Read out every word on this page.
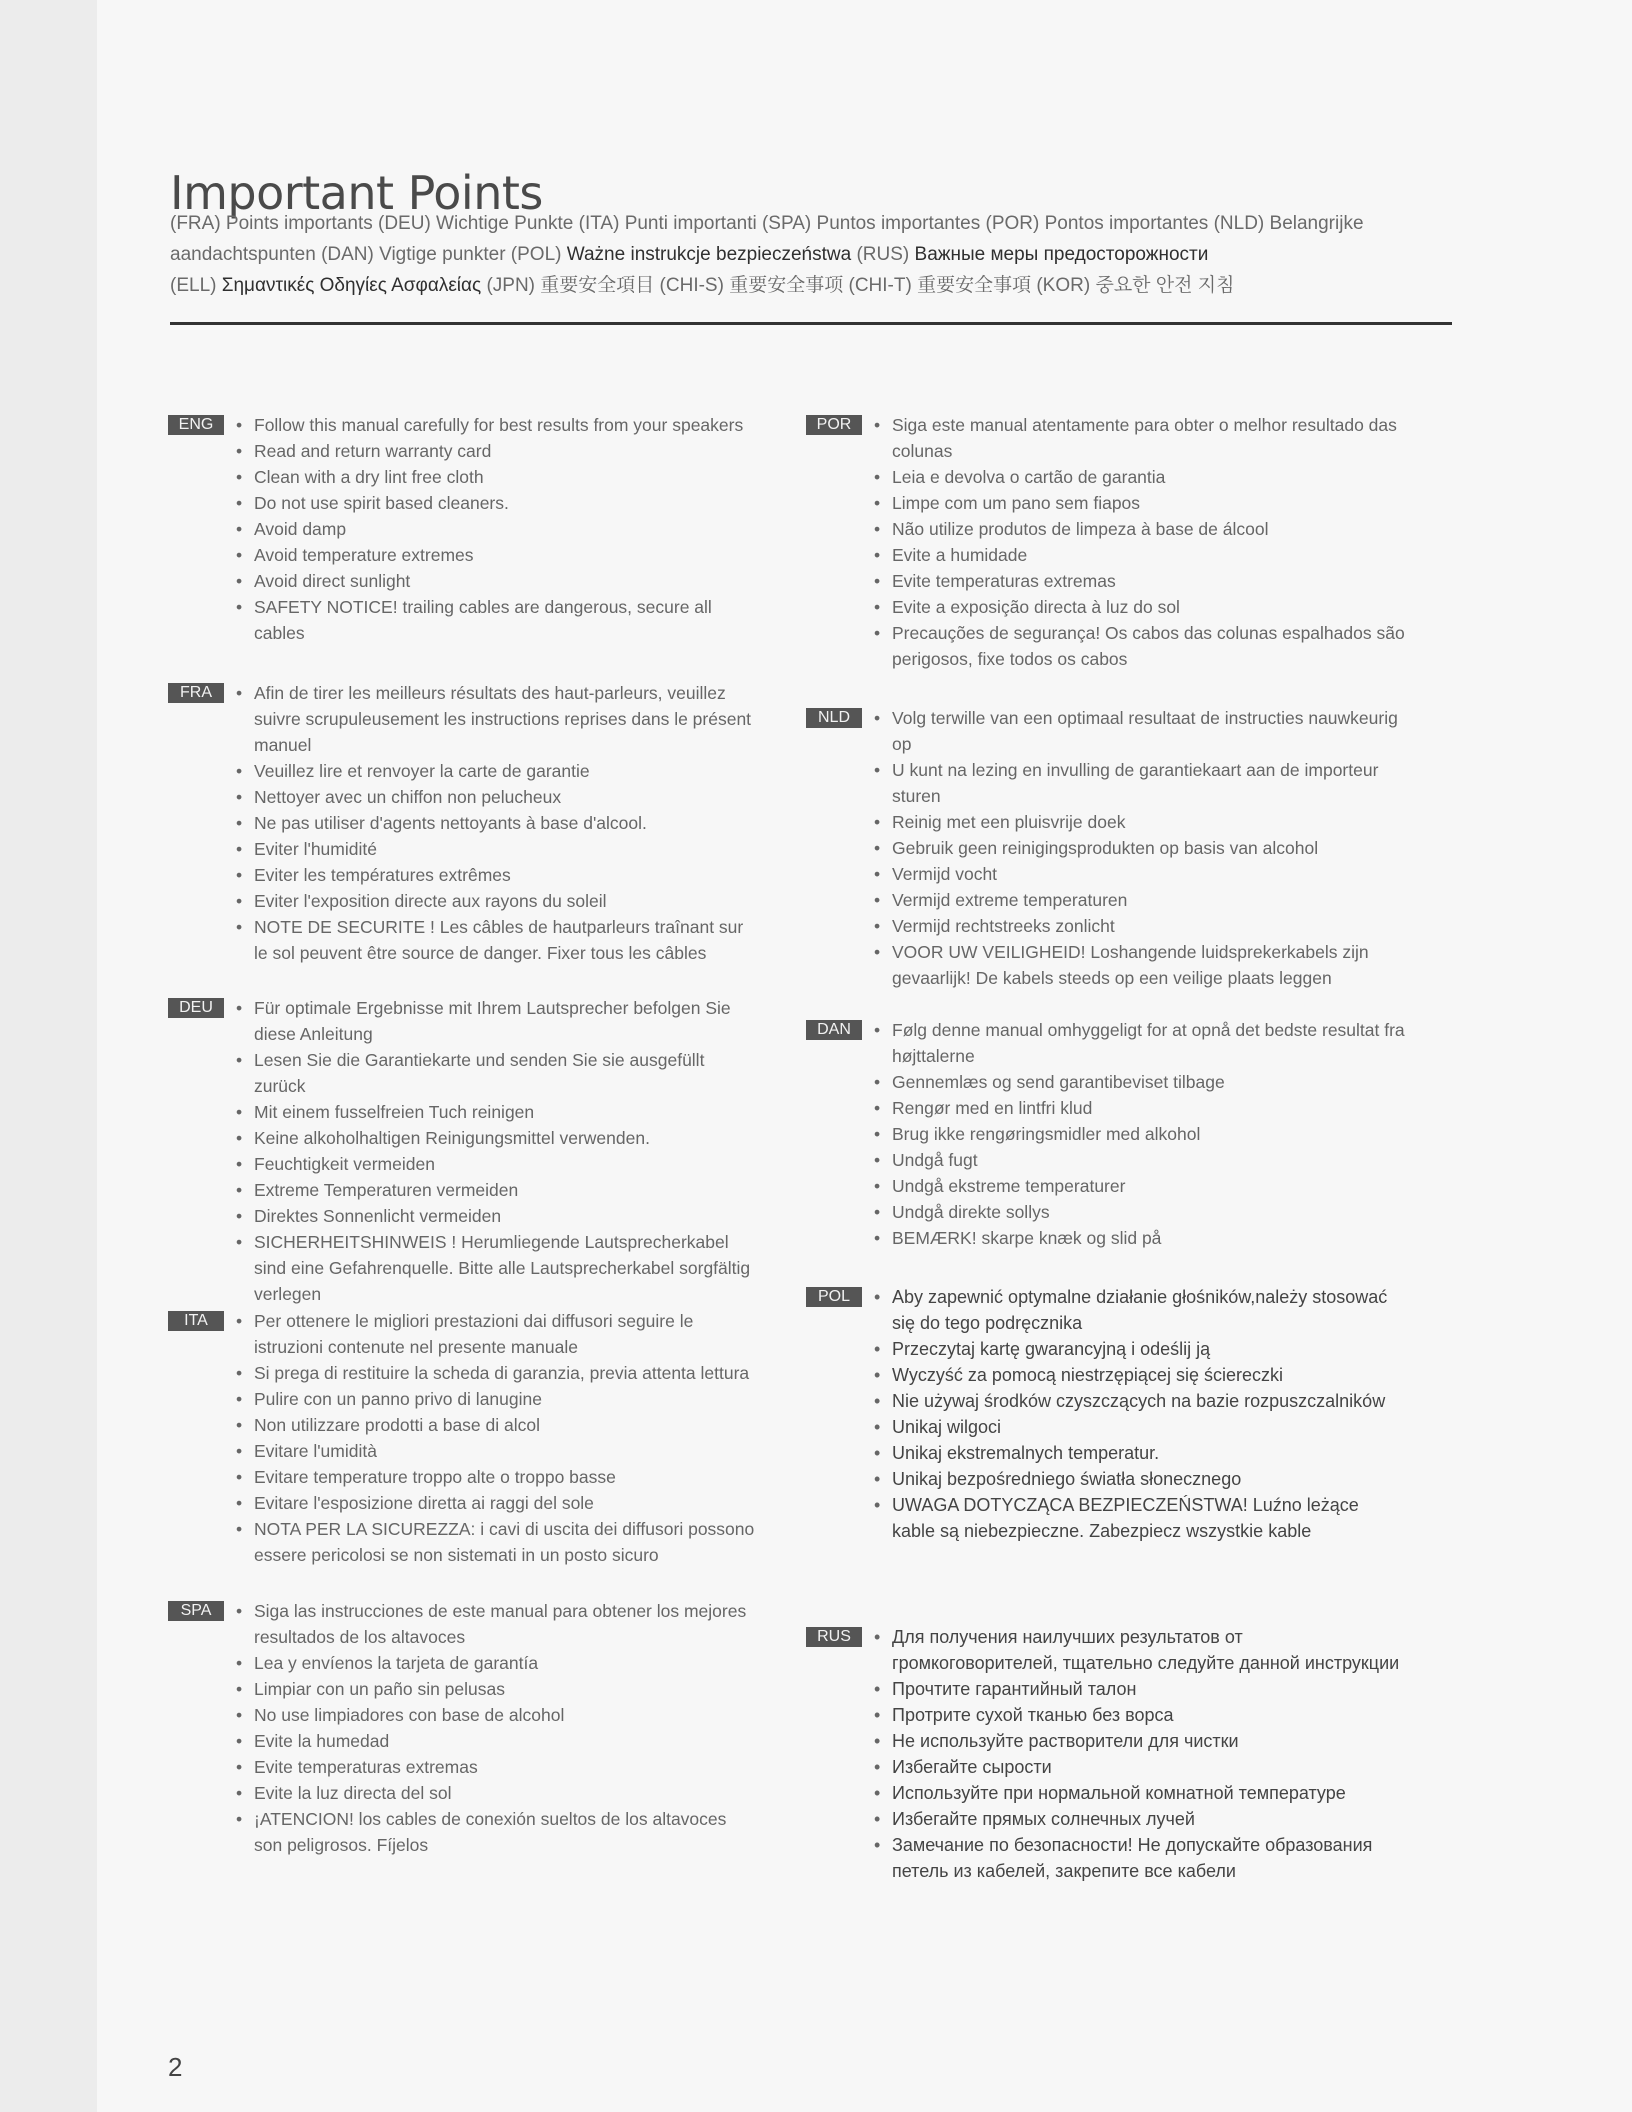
Important Points
(FRA) Points importants (DEU) Wichtige Punkte (ITA) Punti importanti (SPA) Puntos importantes (POR) Pontos importantes (NLD) Belangrijke
aandachtspunten (DAN) Vigtige punkter (POL) Ważne instrukcje bezpieczeństwa (RUS) Важные меры предосторожности
(ELL) Σημαντικές Οδηγίες Ασφαλείας (JPN) 重要安全項目 (CHI-S) 重要安全事项 (CHI-T) 重要安全事項 (KOR) 중요한 안전 지침
ENG	• Follow this manual carefully for best results from your speakers
• Read and return warranty card
• Clean with a dry lint free cloth
• Do not use spirit based cleaners.
• Avoid damp
• Avoid temperature extremes
• Avoid direct sunlight
• SAFETY NOTICE! trailing cables are dangerous, secure all cables
FRA	• Afin de tirer les meilleurs résultats des haut-parleurs, veuillez suivre scrupuleusement les instructions reprises dans le présent manuel
• Veuillez lire et renvoyer la carte de garantie
• Nettoyer avec un chiffon non pelucheux
• Ne pas utiliser d'agents nettoyants à base d'alcool.
• Eviter l'humidité
• Eviter les températures extrêmes
• Eviter l'exposition directe aux rayons du soleil
• NOTE DE SECURITE ! Les câbles de hautparleurs traînant sur le sol peuvent être source de danger. Fixer tous les câbles
DEU	• Für optimale Ergebnisse mit Ihrem Lautsprecher befolgen Sie diese Anleitung
• Lesen Sie die Garantiekarte und senden Sie sie ausgefüllt zurück
• Mit einem fusselfreien Tuch reinigen
• Keine alkoholhaltigen Reinigungsmittel verwenden.
• Feuchtigkeit vermeiden
• Extreme Temperaturen vermeiden
• Direktes Sonnenlicht vermeiden
• SICHERHEITSHINWEIS ! Herumliegende Lautsprecherkabel sind eine Gefahrenquelle. Bitte alle Lautsprecherkabel sorgfältig verlegen
ITA	• Per ottenere le migliori prestazioni dai diffusori seguire le istruzioni contenute nel presente manuale
• Si prega di restituire la scheda di garanzia, previa attenta lettura
• Pulire con un panno privo di lanugine
• Non utilizzare prodotti a base di alcol
• Evitare l'umidità
• Evitare temperature troppo alte o troppo basse
• Evitare l'esposizione diretta ai raggi del sole
• NOTA PER LA SICUREZZA: i cavi di uscita dei diffusori possono essere pericolosi se non sistemati in un posto sicuro
SPA	• Siga las instrucciones de este manual para obtener los mejores resultados de los altavoces
• Lea y envíenos la tarjeta de garantía
• Limpiar con un paño sin pelusas
• No use limpiadores con base de alcohol
• Evite la humedad
• Evite temperaturas extremas
• Evite la luz directa del sol
• ¡ATENCION! los cables de conexión sueltos de los altavoces son peligrosos. Fíjelos
POR	• Siga este manual atentamente para obter o melhor resultado das colunas
• Leia e devolva o cartão de garantia
• Limpe com um pano sem fiapos
• Não utilize produtos de limpeza à base de álcool
• Evite a humidade
• Evite temperaturas extremas
• Evite a exposição directa à luz do sol
• Precauções de segurança! Os cabos das colunas espalhados são perigosos, fixe todos os cabos
NLD	• Volg terwille van een optimaal resultaat de instructies nauwkeurig op
• U kunt na lezing en invulling de garantiekaart aan de importeur sturen
• Reinig met een pluisvrije doek
• Gebruik geen reinigingsprodukten op basis van alcohol
• Vermijd vocht
• Vermijd extreme temperaturen
• Vermijd rechtstreeks zonlicht
• VOOR UW VEILIGHEID! Loshangende luidsprekerkabels zijn gevaarlijk! De kabels steeds op een veilige plaats leggen
DAN	• Følg denne manual omhyggeligt for at opnå det bedste resultat fra højttalerne
• Gennemlæs og send garantibeviset tilbage
• Rengør med en lintfri klud
• Brug ikke rengøringsmidler med alkohol
• Undgå fugt
• Undgå ekstreme temperaturer
• Undgå direkte sollys
• BEMÆRK! skarpe knæk og slid på
POL	• Aby zapewnić optymalne działanie głośników,należy stosować się do tego podręcznika
• Przeczytaj kartę gwarancyjną i odeślij ją
• Wyczyść za pomocą niestrzępiącej się ściereczki
• Nie używaj środków czyszczących na bazie rozpuszczalników
• Unikaj wilgoci
• Unikaj ekstremalnych temperatur.
• Unikaj bezpośredniego światła słonecznego
• UWAGA DOTYCZĄCA BEZPIECZEŃSTWA! Luźno leżące kable są niebezpieczne. Zabezpiecz wszystkie kable
RUS	• Для получения наилучших результатов от громкоговорителей, тщательно следуйте данной инструкции
• Прочтите гарантийный талон
• Протрите сухой тканью без ворса
• Не используйте растворители для чистки
• Избегайте сырости
• Используйте при нормальной комнатной температуре
• Избегайте прямых солнечных лучей
• Замечание по безопасности! Не допускайте образования петель из кабелей, закрепите все кабели
2
